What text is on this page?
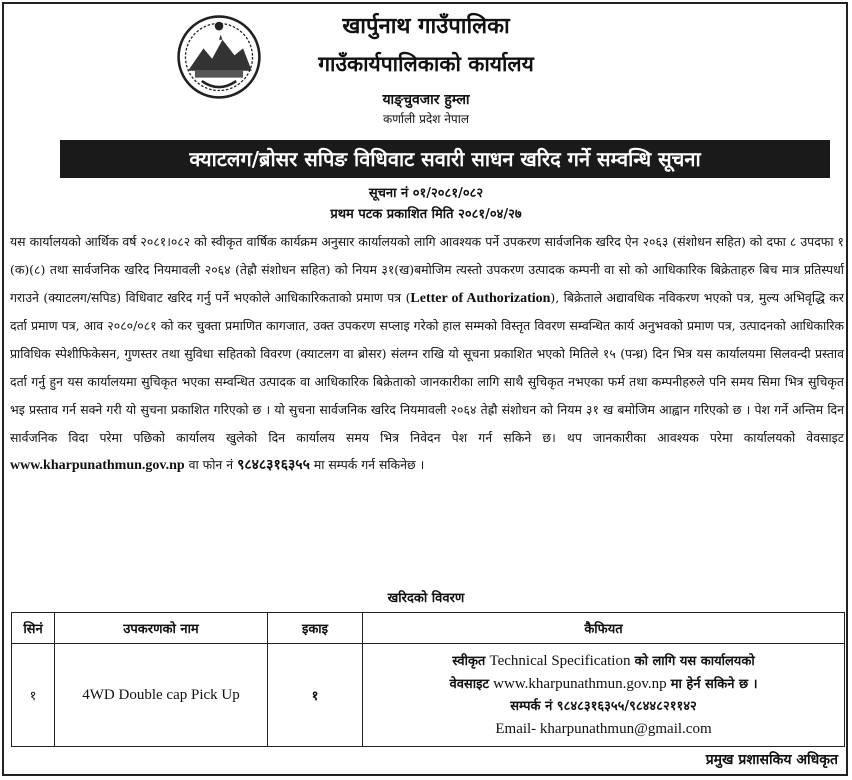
खार्पुनाथ गाउँपालिका
गाउँकार्यपालिकाको कार्यालय
याङ्चुवजार हुम्ला
कर्णाली प्रदेश नेपाल
क्याटलग/ब्रोसर सपिङ विधिवाट सवारी साधन खरिद गर्ने सम्वन्धि सूचना
सूचना नं ०१/२०८१/०८२
प्रथम पटक प्रकाशित मिति २०८१/०४/२७
यस कार्यालयको आर्थिक वर्ष २०८१।०८२ को स्वीकृत वार्षिक कार्यक्रम अनुसार कार्यालयको लागि आवश्यक पर्ने उपकरण सार्वजनिक खरिद ऐन २०६३ (संशोधन सहित) को दफा ८ उपदफा १ (क)(८) तथा सार्वजनिक खरिद नियमावली २०६४ (तेह्रौ संशोधन सहित) को नियम ३१(ख)बमोजिम त्यस्तो उपकरण उत्पादक कम्पनी वा सो को आधिकारिक बिक्रेताहरु बिच मात्र प्रतिस्पर्धा गराउने (क्याटलग/सपिड) विधिवाट खरिद गर्नु पर्ने भएकोले आधिकारिकताको प्रमाण पत्र (Letter of Authorization), बिक्रेताले अद्यावधिक नविकरण भएको पत्र, मुल्य अभिवृद्धि कर दर्ता प्रमाण पत्र, आव २०८०/०८१ को कर चुक्ता प्रमाणित कागजात, उक्त उपकरण सप्लाइ गरेको हाल सम्मको विस्तृत विवरण सम्वन्धित कार्य अनुभवको प्रमाण पत्र, उत्पादनको आधिकारिक प्राविधिक स्पेशीफिकेसन, गुणस्तर तथा सुविधा सहितको विवरण (क्याटलग वा ब्रोसर) संलग्न राखि यो सूचना प्रकाशित भएको मितिले १५ (पन्ध्र) दिन भित्र यस कार्यालयमा सिलवन्दी प्रस्ताव दर्ता गर्नु हुन यस कार्यालयमा सुचिकृत भएका सम्वन्धित उत्पादक वा आधिकारिक बिक्रेताको जानकारीका लागि साथै सुचिकृत नभएका फर्म तथा कम्पनीहरुले पनि समय सिमा भित्र सुचिकृत भइ प्रस्ताव गर्न सक्ने गरी यो सुचना प्रकाशित गरिएको छ । यो सुचना सार्वजनिक खरिद नियमावली २०६४ तेह्रौ संशोधन को नियम ३१ ख बमोजिम आह्वान गरिएको छ । पेश गर्ने अन्तिम दिन सार्वजनिक विदा परेमा पछिको कार्यालय खुलेको दिन कार्यालय समय भित्र निवेदन पेश गर्न सकिने छ। थप जानकारीका आवश्यक परेमा कार्यालयको वेवसाइट www.kharpunathmun.gov.np वा फोन नं ९८४८३१६३५५ मा सम्पर्क गर्न सकिनेछ ।
खरिदको विवरण
सिनं	उपकरणको नाम	इकाइ	कैफियत
१	4WD Double cap Pick Up	१	स्वीकृत Technical Specification को लागि यस कार्यालयको
वेवसाइट www.kharpunathmun.gov.np मा हेर्न सकिने छ ।
सम्पर्क नं ९८४८३१६३५५/९८४४८२११४२
Email- kharpunathmun@gmail.com
प्रमुख प्रशासकिय अधिकृत
